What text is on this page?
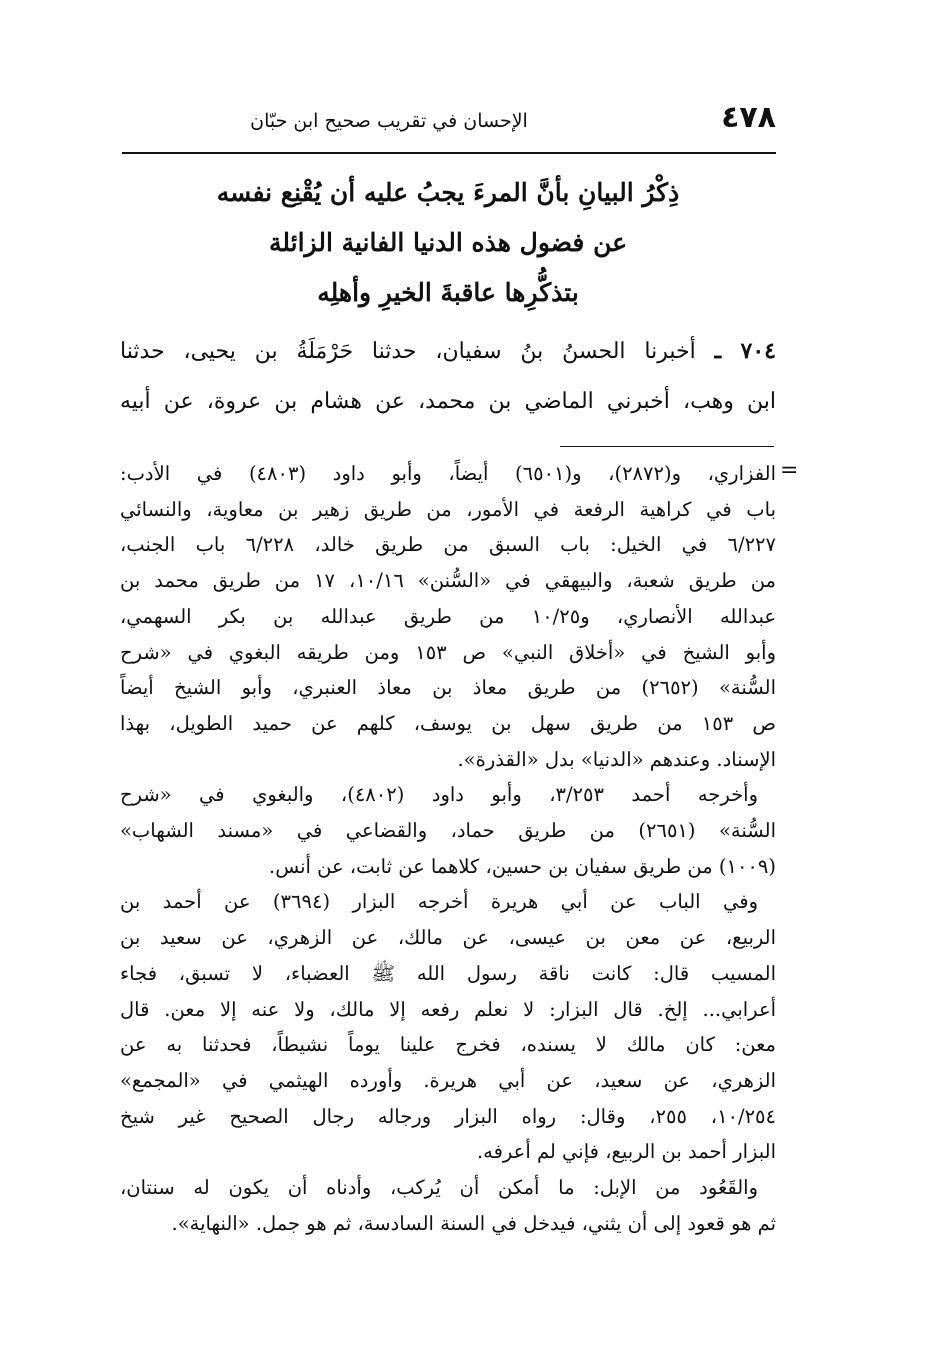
٤٧٨
الإحسان في تقريب صحيح ابن حبّان
ذِكْرُ البيانِ بأنَّ المرءَ يجبُ عليه أن يُقْنِع نفسه
عن فضول هذه الدنيا الفانية الزائلة
بتذكُّرِها عاقبةَ الخيرِ وأهلِه
٧٠٤ ـ أخبرنا الحسنُ بنُ سفيان، حدثنا حَرْمَلَةُ بن يحيى، حدثنا
ابن وهب، أخبرني الماضي بن محمد، عن هشام بن عروة، عن أبيه
=
الفزاري، و(٢٨٧٢)، و(٦٥٠١) أيضاً، وأبو داود (٤٨٠٣) في الأدب:
باب في كراهية الرفعة في الأمور، من طريق زهير بن معاوية، والنسائي
٦/٢٢٧ في الخيل: باب السبق من طريق خالد، ٦/٢٢٨ باب الجنب،
من طريق شعبة، والبيهقي في «السُّنن» ١٠/١٦، ١٧ من طريق محمد بن
عبدالله الأنصاري، و١٠/٢٥ من طريق عبدالله بن بكر السهمي،
وأبو الشيخ في «أخلاق النبي» ص ١٥٣ ومن طريقه البغوي في «شرح
السُّنة» (٢٦٥٢) من طريق معاذ بن معاذ العنبري، وأبو الشيخ أيضاً
ص ١٥٣ من طريق سهل بن يوسف، كلهم عن حميد الطويل، بهذا
الإسناد. وعندهم «الدنيا» بدل «القذرة».
وأخرجه أحمد ٣/٢٥٣، وأبو داود (٤٨٠٢)، والبغوي في «شرح
السُّنة» (٢٦٥١) من طريق حماد، والقضاعي في «مسند الشهاب»
(١٠٠٩) من طريق سفيان بن حسين، كلاهما عن ثابت، عن أنس.
وفي الباب عن أبي هريرة أخرجه البزار (٣٦٩٤) عن أحمد بن
الربيع، عن معن بن عيسى، عن مالك، عن الزهري، عن سعيد بن
المسيب قال: كانت ناقة رسول الله ﷺ العضباء، لا تسبق، فجاء
أعرابي... إلخ. قال البزار: لا نعلم رفعه إلا مالك، ولا عنه إلا معن. قال
معن: كان مالك لا يسنده، فخرج علينا يوماً نشيطاً، فحدثنا به عن
الزهري، عن سعيد، عن أبي هريرة. وأورده الهيثمي في «المجمع»
١٠/٢٥٤، ٢٥٥، وقال: رواه البزار ورجاله رجال الصحيح غير شيخ
البزار أحمد بن الربيع، فإني لم أعرفه.
والقَعُود من الإبل: ما أمكن أن يُركب، وأدناه أن يكون له سنتان،
ثم هو قعود إلى أن يثني، فيدخل في السنة السادسة، ثم هو جمل. «النهاية».
